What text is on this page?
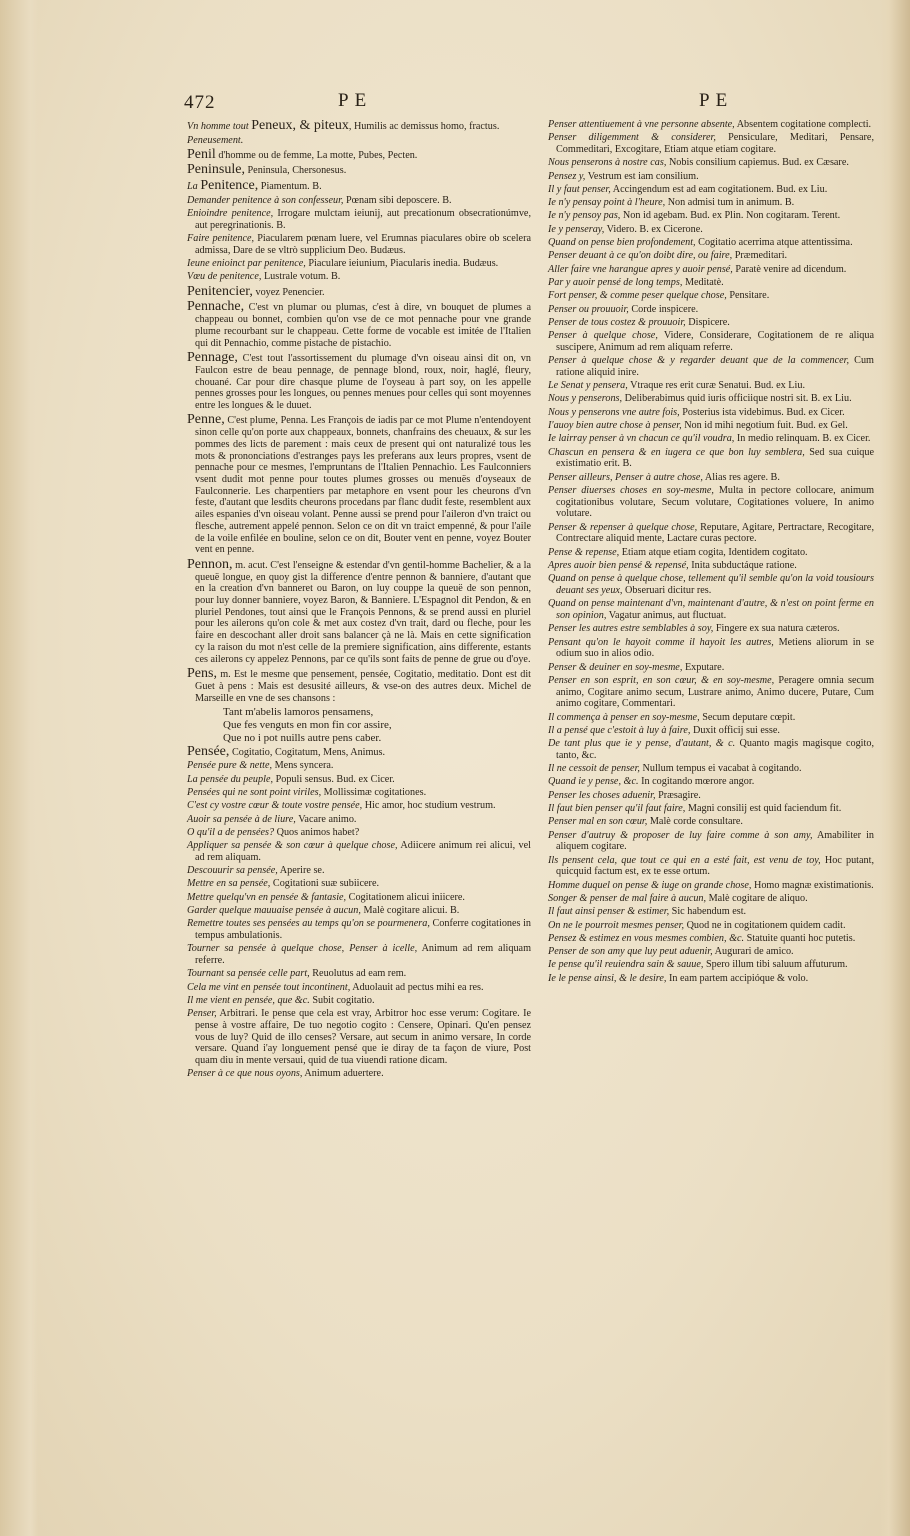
472	P E	P E
Vn homme tout Peneux, & piteux, Humilis ac demissus homo, fractus.
Peneusement.
Penil d'homme ou de femme, La motte, Pubes, Pecten.
Peninsule, Peninsula, Chersonesus.
La Penitence, Piamentum. B.
Demander penitence à son confesseur, Pœnam sibi deposcere. B.
Enioindre penitence, Irrogare mulctam ieiunij, aut precationum obsecrationúmve, aut peregrinationis. B.
Faire penitence, Piacularem pœnam luere, vel Erumnas piaculares obire ob scelera admissa, Dare de se vltrò supplicium Deo. Budæus.
Ieune enioinct par penitence, Piaculare ieiunium, Piacularis inedia. Budæus.
Vœu de penitence, Lustrale votum. B.
Penitencier, voyez Penencier.
Pennache, C'est vn plumar ou plumas, c'est à dire, vn bouquet de plumes a chappeau ou bonnet, combien qu'on vse de ce mot pennache pour vne grande plume recourbant sur le chappeau. Cette forme de vocable est imitée de l'Italien qui dit Pennachio, comme pistache de pistachio.
Pennage, C'est tout l'assortissement du plumage d'vn oiseau ainsi dit on, vn Faulcon estre de beau pennage, de pennage blond, roux, noir, haglé, fleury, chouané. Car pour dire chasque plume de l'oyseau à part soy, on les appelle pennes grosses pour les longues, ou pennes menues pour celles qui sont moyennes entre les longues & le duuet.
Penne, C'est plume, Penna. Les François de iadis par ce mot Plume n'entendoyent sinon celle qu'on porte aux chappeaux, bonnets, chanfrains des cheuaux, & sur les pommes des licts de parement : mais ceux de present qui ont naturalizé tous les mots & prononciations d'estranges pays les preferans aux leurs propres, vsent de pennache pour ce mesmes, l'empruntans de l'Italien Pennachio. Les Faulconniers vsent dudit mot penne pour toutes plumes grosses ou menuës d'oyseaux de Faulconnerie. Les charpentiers par metaphore en vsent pour les cheurons d'vn feste, d'autant que lesdits cheurons procedans par flanc dudit feste, resemblent aux ailes espanies d'vn oiseau volant. Penne aussi se prend pour l'aileron d'vn traict ou flesche, autrement appelé pennon. Selon ce on dit vn traict empenné, & pour l'aile de la voile enfilée en bouline, selon ce on dit, Bouter vent en penne, voyez Bouter vent en penne.
Pennon, m. acut. C'est l'enseigne & estendar d'vn gentil-homme Bachelier, & a la queuë longue, en quoy gist la difference d'entre pennon & banniere, d'autant que en la creation d'vn banneret ou Baron, on luy couppe la queuë de son pennon, pour luy donner banniere, voyez Baron, & Banniere. L'Espagnol dit Pendon, & en pluriel Pendones, tout ainsi que le François Pennons, & se prend aussi en pluriel pour les ailerons qu'on cole & met aux costez d'vn trait, dard ou fleche, pour les faire en descochant aller droit sans balancer çà ne là. Mais en cette signification cy la raison du mot n'est celle de la premiere signification, ains differente, estants ces ailerons cy appelez Pennons, par ce qu'ils sont faits de penne de grue ou d'oye.
Pens, m. Est le mesme que pensement, pensée, Cogitatio, meditatio. Dont est dit Guet à pens : Mais est desusité ailleurs, & vse-on des autres deux. Michel de Marseille en vne de ses chansons :
Tant m'abelis lamoros pensamens,
Que fes venguts en mon fin cor assire,
Que no i pot nuills autre pens caber.
Pensée, Cogitatio, Cogitatum, Mens, Animus.
Pensée pure & nette, Mens syncera.
La pensée du peuple, Populi sensus. Bud. ex Cicer.
Pensées qui ne sont point viriles, Mollissimæ cogitationes.
C'est cy vostre cœur & toute vostre pensée, Hic amor, hoc studium vestrum.
Auoir sa pensée à de liure, Vacare animo.
O qu'il a de pensées? Quos animos habet?
Appliquer sa pensée & son cœur à quelque chose, Adiicere animum rei alicui, vel ad rem aliquam.
Descouurir sa pensée, Aperire se.
Mettre en sa pensée, Cogitationi suæ subiicere.
Mettre quelqu'vn en pensée & fantasie, Cogitationem alicui iniicere.
Garder quelque mauuaise pensée à aucun, Malè cogitare alicui. B.
Remettre toutes ses pensées au temps qu'on se pourmenera, Conferre cogitationes in tempus ambulationis.
Tourner sa pensée à quelque chose, Penser à icelle, Animum ad rem aliquam referre.
Tournant sa pensée celle part, Reuolutus ad eam rem.
Cela me vint en pensée tout incontinent, Aduolauit ad pectus mihi ea res.
Il me vient en pensée, que &c. Subit cogitatio.
Penser, Arbitrari. Ie pense que cela est vray, Arbitror hoc esse verum: Cogitare. Ie pense à vostre affaire, De tuo negotio cogito : Censere, Opinari. Qu'en pensez vous de luy? Quid de illo censes? Versare, aut secum in animo versare, In corde versare. Quand i'ay longuement pensé que ie diray de ta façon de viure, Post quam diu in mente versaui, quid de tua viuendi ratione dicam.
Penser à ce que nous oyons, Animum aduertere.
Penser attentiuement à vne personne absente, Absentem cogitatione complecti.
Penser diligemment & considerer, Pensiculare, Meditari, Pensare, Commeditari, Excogitare, Etiam atque etiam cogitare.
Nous penserons à nostre cas, Nobis consilium capiemus. Bud. ex Cæsare.
Pensez y, Vestrum est iam consilium.
Il y faut penser, Accingendum est ad eam cogitationem. Bud. ex Liu.
Ie n'y pensay point à l'heure, Non admisi tum in animum. B.
Ie n'y pensoy pas, Non id agebam. Bud. ex Plin. Non cogitaram. Terent.
Ie y penseray, Videro. B. ex Cicerone.
Quand on pense bien profondement, Cogitatio acerrima atque attentissima.
Penser deuant à ce qu'on doibt dire, ou faire, Præmeditari.
Aller faire vne harangue apres y auoir pensé, Paratè venire ad dicendum.
Par y auoir pensé de long temps, Meditatè.
Fort penser, & comme peser quelque chose, Pensitare.
Penser ou prouuoir, Corde inspicere.
Penser de tous costez & prouuoir, Dispicere.
Penser à quelque chose, Videre, Considerare, Cogitationem de re aliqua suscipere, Animum ad rem aliquam referre.
Penser à quelque chose & y regarder deuant que de la commencer, Cum ratione aliquid inire.
Le Senat y pensera, Vtraque res erit curæ Senatui. Bud. ex Liu.
Nous y penserons, Deliberabimus quid iuris officiique nostri sit. B. ex Liu.
Nous y penserons vne autre fois, Posterius ista videbimus. Bud. ex Cicer.
I'auoy bien autre chose à penser, Non id mihi negotium fuit. Bud. ex Gel.
Ie lairray penser à vn chacun ce qu'il voudra, In medio relinquam. B. ex Cicer.
Chascun en pensera & en iugera ce que bon luy semblera, Sed sua cuique existimatio erit. B.
Penser ailleurs, Penser à autre chose, Alias res agere. B.
Penser diuerses choses en soy-mesme, Multa in pectore collocare, animum cogitationibus volutare, Secum volutare, Cogitationes voluere, In animo volutare.
Penser & repenser à quelque chose, Reputare, Agitare, Pertractare, Recogitare, Contrectare aliquid mente, Lactare curas pectore.
Pense & repense, Etiam atque etiam cogita, Identidem cogitato.
Apres auoir bien pensé & repensé, Inita subductáque ratione.
Quand on pense à quelque chose, tellement qu'il semble qu'on la void tousiours deuant ses yeux, Obseruari dicitur res.
Quand on pense maintenant d'vn, maintenant d'autre, & n'est on point ferme en son opinion, Vagatur animus, aut fluctuat.
Penser les autres estre semblables à soy, Fingere ex sua natura cæteros.
Pensant qu'on le hayoit comme il hayoit les autres, Metiens aliorum in se odium suo in alios odio.
Penser & deuiner en soy-mesme, Exputare.
Penser en son esprit, en son cœur, & en soy-mesme, Peragere omnia secum animo, Cogitare animo secum, Lustrare animo, Animo ducere, Putare, Cum animo cogitare, Commentari.
Il commença à penser en soy-mesme, Secum deputare cœpit.
Il a pensé que c'estoit à luy à faire, Duxit officij sui esse.
De tant plus que ie y pense, d'autant, & c. Quanto magis magisque cogito, tanto, &c.
Il ne cessoit de penser, Nullum tempus ei vacabat à cogitando.
Quand ie y pense, &c. In cogitando mœrore angor.
Penser les choses aduenir, Præsagire.
Il faut bien penser qu'il faut faire, Magni consilij est quid faciendum fit.
Penser mal en son cœur, Malè corde consultare.
Penser d'autruy & proposer de luy faire comme à son amy, Amabiliter in aliquem cogitare.
Ils pensent cela, que tout ce qui en a esté fait, est venu de toy, Hoc putant, quicquid factum est, ex te esse ortum.
Homme duquel on pense & iuge on grande chose, Homo magnæ existimationis.
Songer & penser de mal faire à aucun, Malè cogitare de aliquo.
Il faut ainsi penser & estimer, Sic habendum est.
On ne le pourroit mesmes penser, Quod ne in cogitationem quidem cadit.
Pensez & estimez en vous mesmes combien, &c. Statuite quanti hoc putetis.
Penser de son amy que luy peut aduenir, Augurari de amico.
Ie pense qu'il reuiendra sain & sauue, Spero illum tibi saluum affuturum.
Ie le pense ainsi, & le desire, In eam partem accipióque & volo.
